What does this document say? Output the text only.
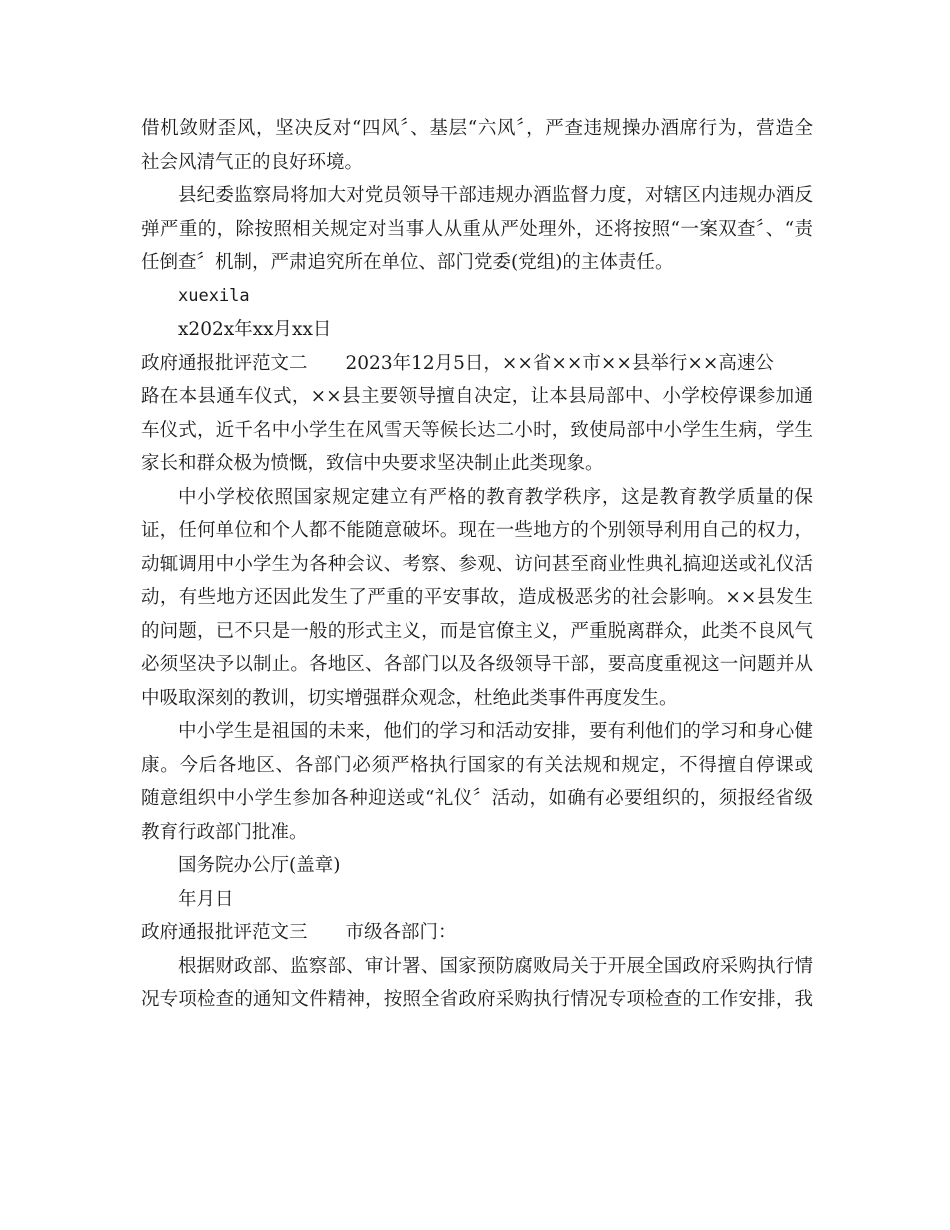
借机敛财歪风，坚决反对“四风〞、基层“六风〞，严查违规操办酒席行为，营造全
社会风清气正的良好环境。
县纪委监察局将加大对党员领导干部违规办酒监督力度，对辖区内违规办酒反
弹严重的，除按照相关规定对当事人从重从严处理外，还将按照“一案双查〞、“责
任倒查〞机制，严肃追究所在单位、部门党委(党组)的主体责任。
xuexila
x202x年xx月xx日
政府通报批评范文二 2023年12月5日，××省××市××县举行××高速公
路在本县通车仪式，××县主要领导擅自决定，让本县局部中、小学校停课参加通
车仪式，近千名中小学生在风雪天等候长达二小时，致使局部中小学生生病，学生
家长和群众极为愤慨，致信中央要求坚决制止此类现象。
中小学校依照国家规定建立有严格的教育教学秩序，这是教育教学质量的保
证，任何单位和个人都不能随意破坏。现在一些地方的个别领导利用自己的权力，
动辄调用中小学生为各种会议、考察、参观、访问甚至商业性典礼搞迎送或礼仪活
动，有些地方还因此发生了严重的平安事故，造成极恶劣的社会影响。××县发生
的问题，已不只是一般的形式主义，而是官僚主义，严重脱离群众，此类不良风气
必须坚决予以制止。各地区、各部门以及各级领导干部，要高度重视这一问题并从
中吸取深刻的教训，切实增强群众观念，杜绝此类事件再度发生。
中小学生是祖国的未来，他们的学习和活动安排，要有利他们的学习和身心健
康。今后各地区、各部门必须严格执行国家的有关法规和规定，不得擅自停课或
随意组织中小学生参加各种迎送或“礼仪〞活动，如确有必要组织的，须报经省级
教育行政部门批准。
国务院办公厅(盖章)
年月日
政府通报批评范文三 市级各部门：
根据财政部、监察部、审计署、国家预防腐败局关于开展全国政府采购执行情
况专项检查的通知文件精神，按照全省政府采购执行情况专项检查的工作安排，我
